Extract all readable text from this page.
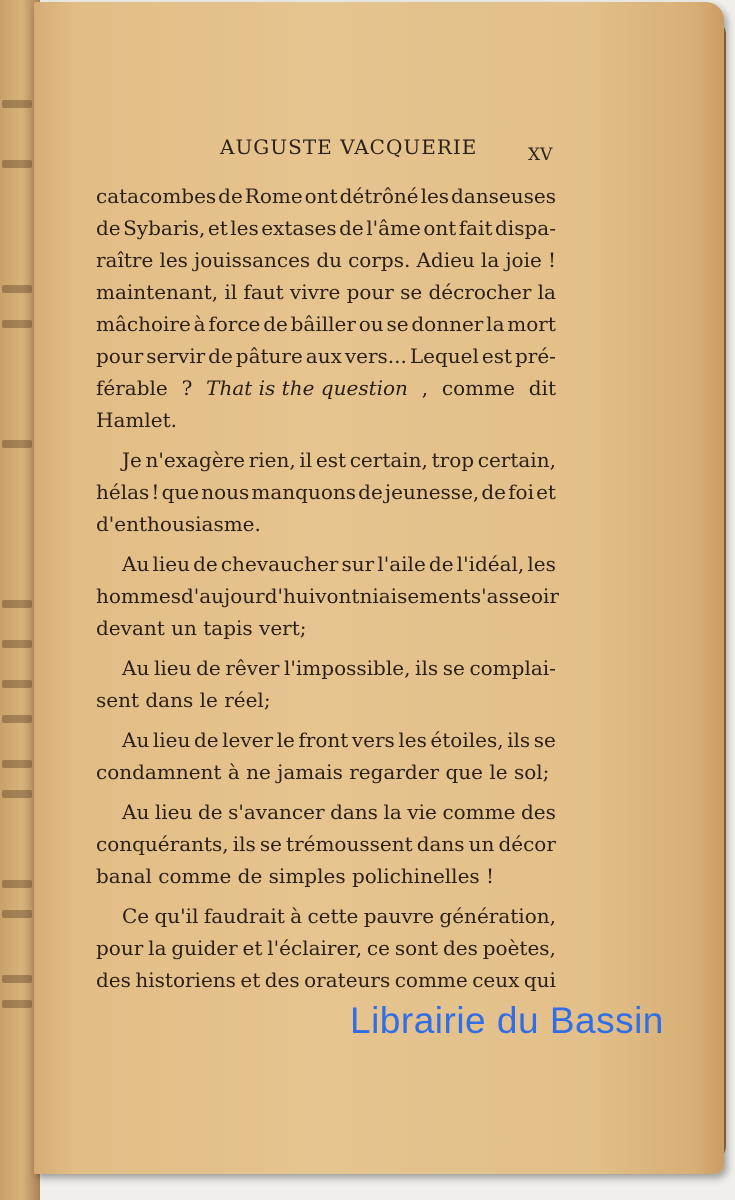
AUGUSTE VACQUERIE	XV
catacombes de Rome ont détrôné les danseuses
de Sybaris, et les extases de l'âme ont fait dispa-
raître les jouissances du corps. Adieu la joie !
maintenant, il faut vivre pour se décrocher la
mâchoire à force de bâiller ou se donner la mort
pour servir de pâture aux vers... Lequel est pré-
férable ? That is the question , comme dit
Hamlet.
Je n'exagère rien, il est certain, trop certain,
hélas ! que nous manquons de jeunesse, de foi et
d'enthousiasme.
Au lieu de chevaucher sur l'aile de l'idéal, les
hommes d'aujourd'hui vont niaisement s'asseoir
devant un tapis vert;
Au lieu de rêver l'impossible, ils se complai-
sent dans le réel;
Au lieu de lever le front vers les étoiles, ils se
condamnent à ne jamais regarder que le sol;
Au lieu de s'avancer dans la vie comme des
conquérants, ils se trémoussent dans un décor
banal comme de simples polichinelles !
Ce qu'il faudrait à cette pauvre génération,
pour la guider et l'éclairer, ce sont des poètes,
des historiens et des orateurs comme ceux qui
Librairie du Bassin
